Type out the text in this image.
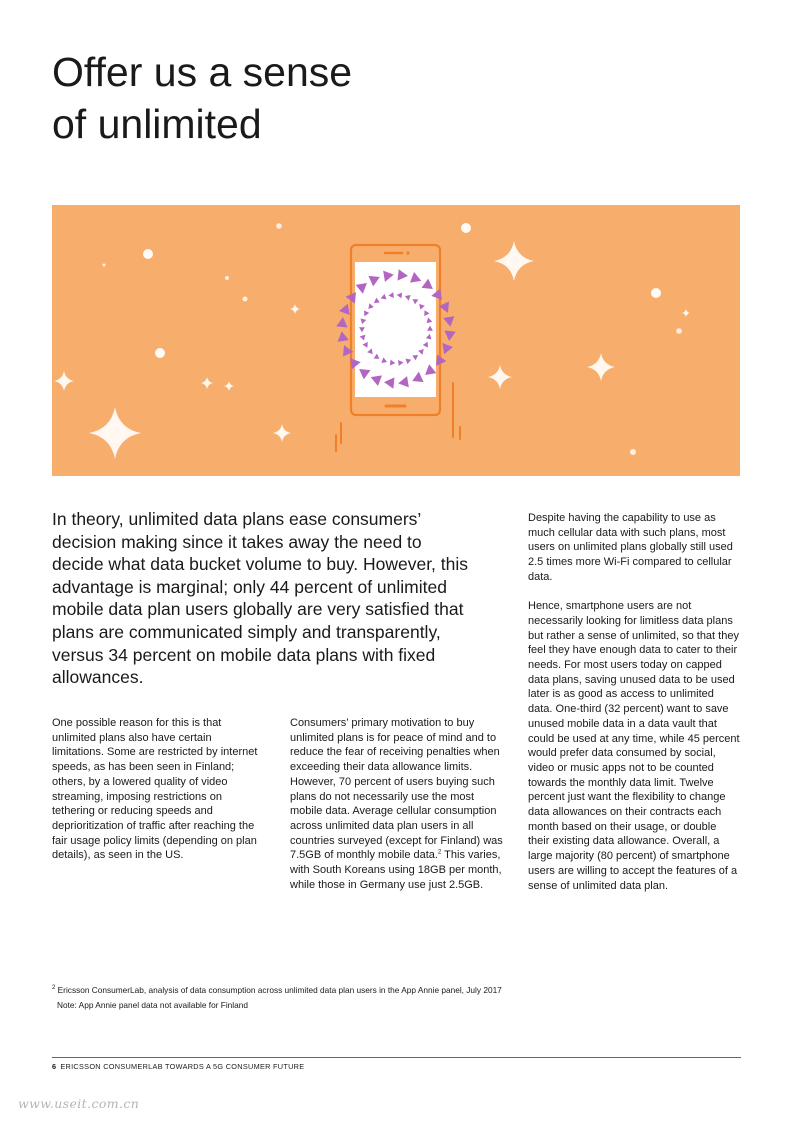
Offer us a sense
of unlimited

In theory, unlimited data plans ease consumers’ decision making since it takes away the need to decide what data bucket volume to buy. However, this advantage is marginal; only 44 percent of unlimited mobile data plan users globally are very satisfied that plans are communicated simply and transparently, versus 34 percent on mobile data plans with fixed allowances.

One possible reason for this is that unlimited plans also have certain limitations. Some are restricted by internet speeds, as has been seen in Finland; others, by a lowered quality of video streaming, imposing restrictions on tethering or reducing speeds and deprioritization of traffic after reaching the fair usage policy limits (depending on plan details), as seen in the US.

Consumers’ primary motivation to buy unlimited plans is for peace of mind and to reduce the fear of receiving penalties when exceeding their data allowance limits. However, 70 percent of users buying such plans do not necessarily use the most mobile data. Average cellular consumption across unlimited data plan users in all countries surveyed (except for Finland) was 7.5GB of monthly mobile data.$^2$ This varies, with South Koreans using 18GB per month, while those in Germany use just 2.5GB.

Despite having the capability to use as much cellular data with such plans, most users on unlimited plans globally still used 2.5 times more Wi-Fi compared to cellular data.

Hence, smartphone users are not necessarily looking for limitless data plans but rather a sense of unlimited, so that they feel they have enough data to cater to their needs. For most users today on capped data plans, saving unused data to be used later is as good as access to unlimited data. One-third (32 percent) want to save unused mobile data in a data vault that could be used at any time, while 45 percent would prefer data consumed by social, video or music apps not to be counted towards the monthly data limit. Twelve percent just want the flexibility to change data allowances on their contracts each month based on their usage, or double their existing data allowance. Overall, a large majority (80 percent) of smartphone users are willing to accept the features of a sense of unlimited data plan.

$^2$ Ericsson ConsumerLab, analysis of data consumption across unlimited data plan users in the App Annie panel, July 2017
Note: App Annie panel data not available for Finland
6 ERICSSON CONSUMERLAB TOWARDS A 5G CONSUMER FUTURE
www.useit.com.cn
